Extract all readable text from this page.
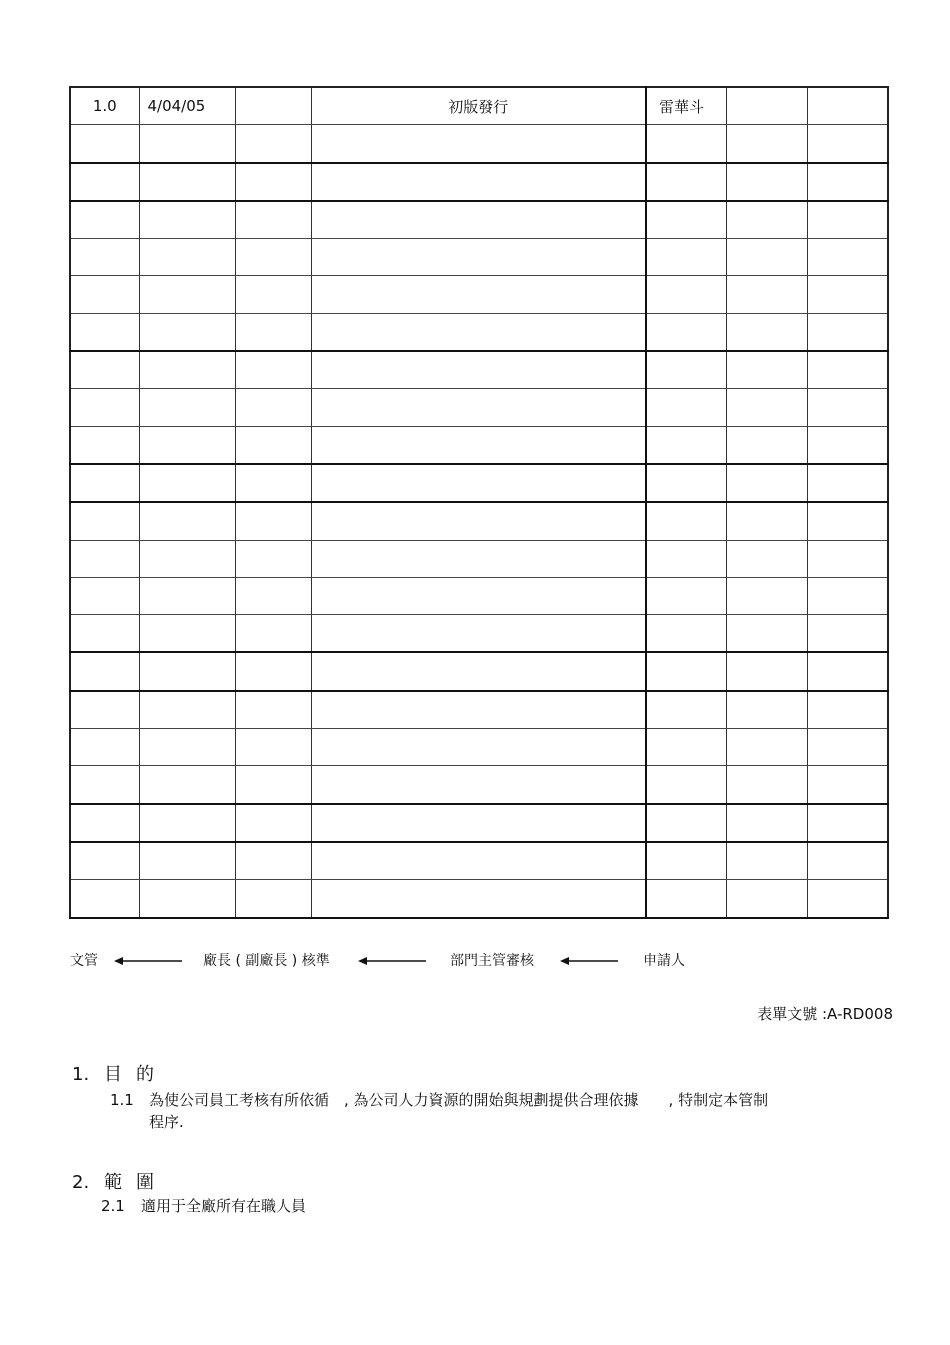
1.0	4/04/05		初版發行	雷華斗		

文管	廠長 ( 副廠長 ) 核準	部門主管審核	申請人
表單文號 :A-RD008
1. 目的
1.1 為使公司員工考核有所依循　, 為公司人力資源的開始與規劃提供合理依據　　, 特制定本管制
程序.
2. 範圍
2.1 適用于全廠所有在職人員
